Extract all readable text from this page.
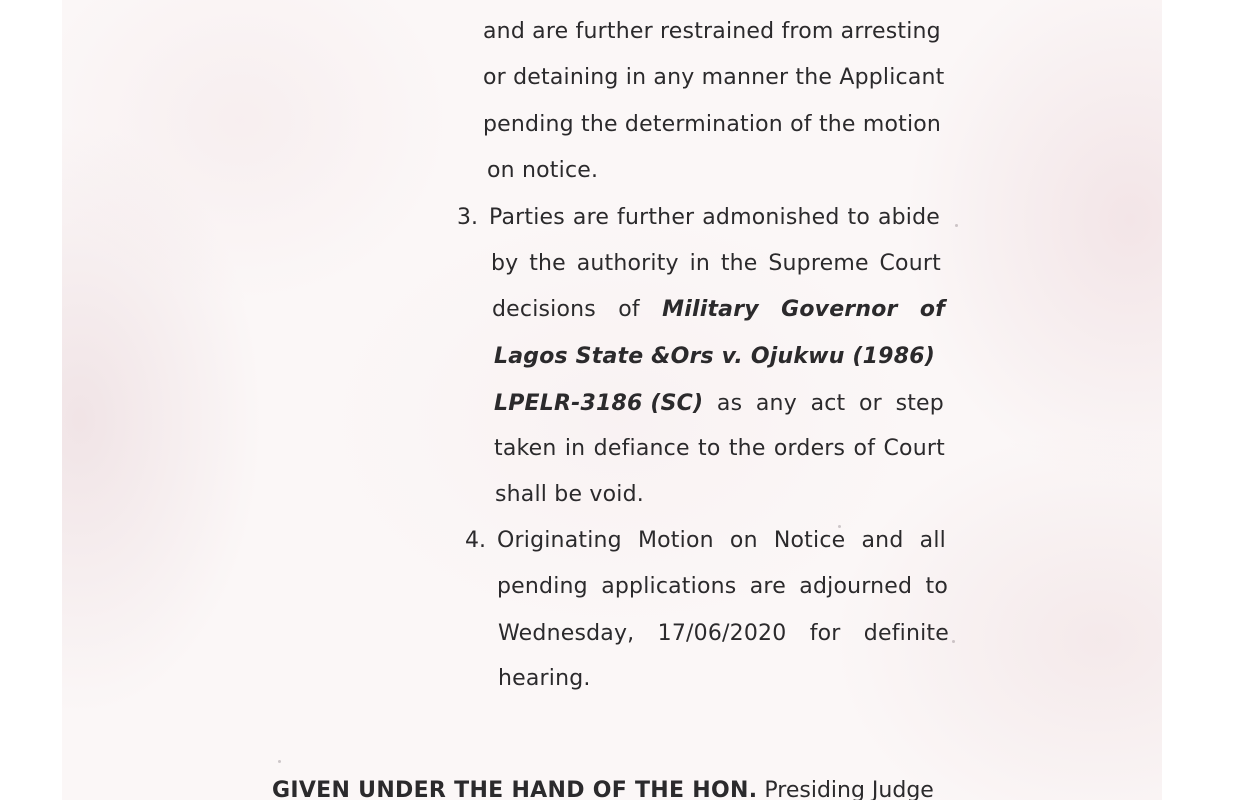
and are further restrained from arresting
or detaining in any manner the Applicant
pending the determination of the motion
on notice.
3. Parties are further admonished to abide
by the authority in the Supreme Court
decisions of Military Governor of
Lagos State &Ors v. Ojukwu (1986)
LPELR-3186 (SC) as any act or step
taken in defiance to the orders of Court
shall be void.
4. Originating Motion on Notice and all
pending applications are adjourned to
Wednesday, 17/06/2020 for definite
hearing.
GIVEN UNDER THE HAND OF THE HON. Presiding Judge
